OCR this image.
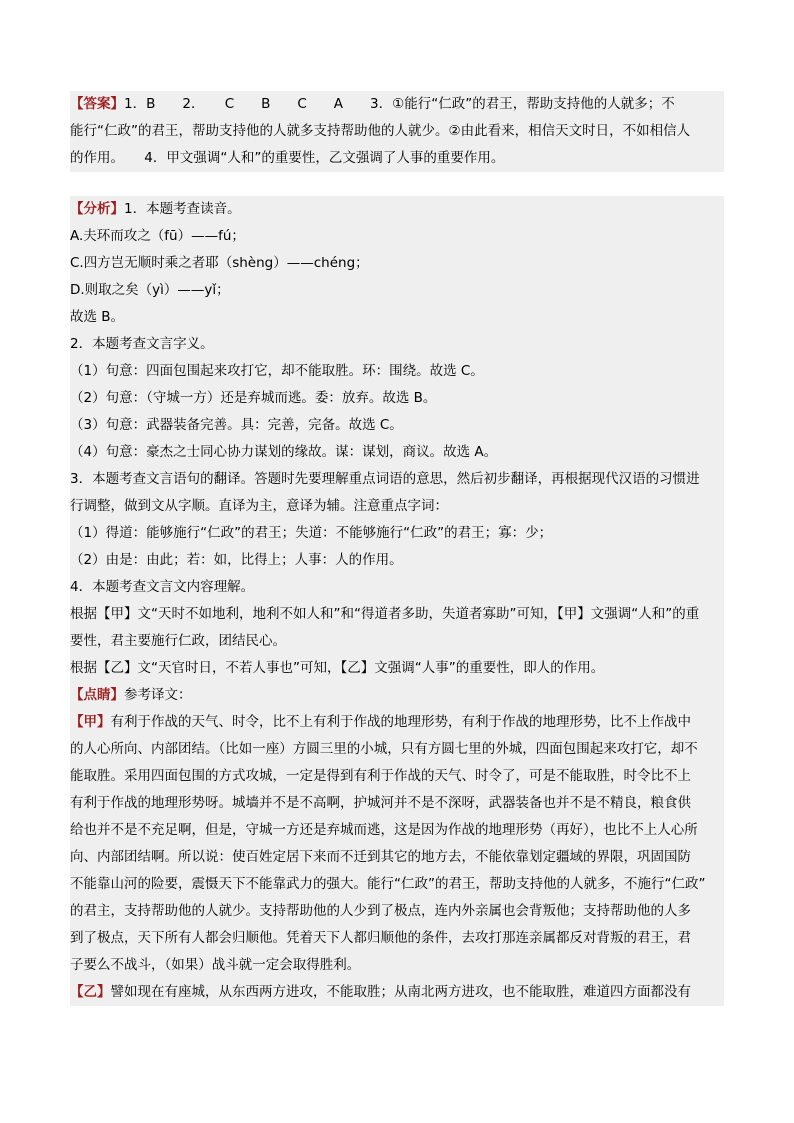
【答案】1．B　　2．　　C　　B　　C　　A　　3．①能行“仁政”的君王，帮助支持他的人就多；不
能行“仁政”的君王，帮助支持他的人就多支持帮助他的人就少。②由此看来，相信天文时日，不如相信人
的作用。　　4．甲文强调“人和”的重要性，乙文强调了人事的重要作用。
【分析】1．本题考查读音。
A.夫环而攻之（fū）——fú；
C.四方岂无顺时乘之者耶（shèng）——chéng；
D.则取之矣（yì）——yǐ；
故选 B。
2．本题考查文言字义。
（1）句意：四面包围起来攻打它，却不能取胜。环：围绕。故选 C。
（2）句意：（守城一方）还是弃城而逃。委：放弃。故选 B。
（3）句意：武器装备完善。具：完善，完备。故选 C。
（4）句意：豪杰之士同心协力谋划的缘故。谋：谋划，商议。故选 A。
3．本题考查文言语句的翻译。答题时先要理解重点词语的意思，然后初步翻译，再根据现代汉语的习惯进
行调整，做到文从字顺。直译为主，意译为辅。注意重点字词：
（1）得道：能够施行“仁政”的君王；失道：不能够施行“仁政”的君王；寡：少；
（2）由是：由此；若：如，比得上；人事：人的作用。
4．本题考查文言文内容理解。
根据【甲】文“天时不如地利，地利不如人和”和“得道者多助，失道者寡助”可知，【甲】文强调“人和”的重
要性，君主要施行仁政，团结民心。
根据【乙】文“天官时日，不若人事也”可知，【乙】文强调“人事”的重要性，即人的作用。
【点睛】参考译文：
【甲】有利于作战的天气、时令，比不上有利于作战的地理形势，有利于作战的地理形势，比不上作战中
的人心所向、内部团结。（比如一座）方圆三里的小城，只有方圆七里的外城，四面包围起来攻打它，却不
能取胜。采用四面包围的方式攻城，一定是得到有利于作战的天气、时令了，可是不能取胜，时令比不上
有利于作战的地理形势呀。城墙并不是不高啊，护城河并不是不深呀，武器装备也并不是不精良，粮食供
给也并不是不充足啊，但是，守城一方还是弃城而逃，这是因为作战的地理形势（再好），也比不上人心所
向、内部团结啊。所以说：使百姓定居下来而不迁到其它的地方去，不能依靠划定疆域的界限，巩固国防
不能靠山河的险要，震慑天下不能靠武力的强大。能行“仁政”的君王，帮助支持他的人就多，不施行“仁政”
的君主，支持帮助他的人就少。支持帮助他的人少到了极点，连内外亲属也会背叛他；支持帮助他的人多
到了极点，天下所有人都会归顺他。凭着天下人都归顺他的条件，去攻打那连亲属都反对背叛的君王，君
子要么不战斗，（如果）战斗就一定会取得胜利。
【乙】譬如现在有座城，从东西两方进攻，不能取胜；从南北两方进攻，也不能取胜，难道四方面都没有
